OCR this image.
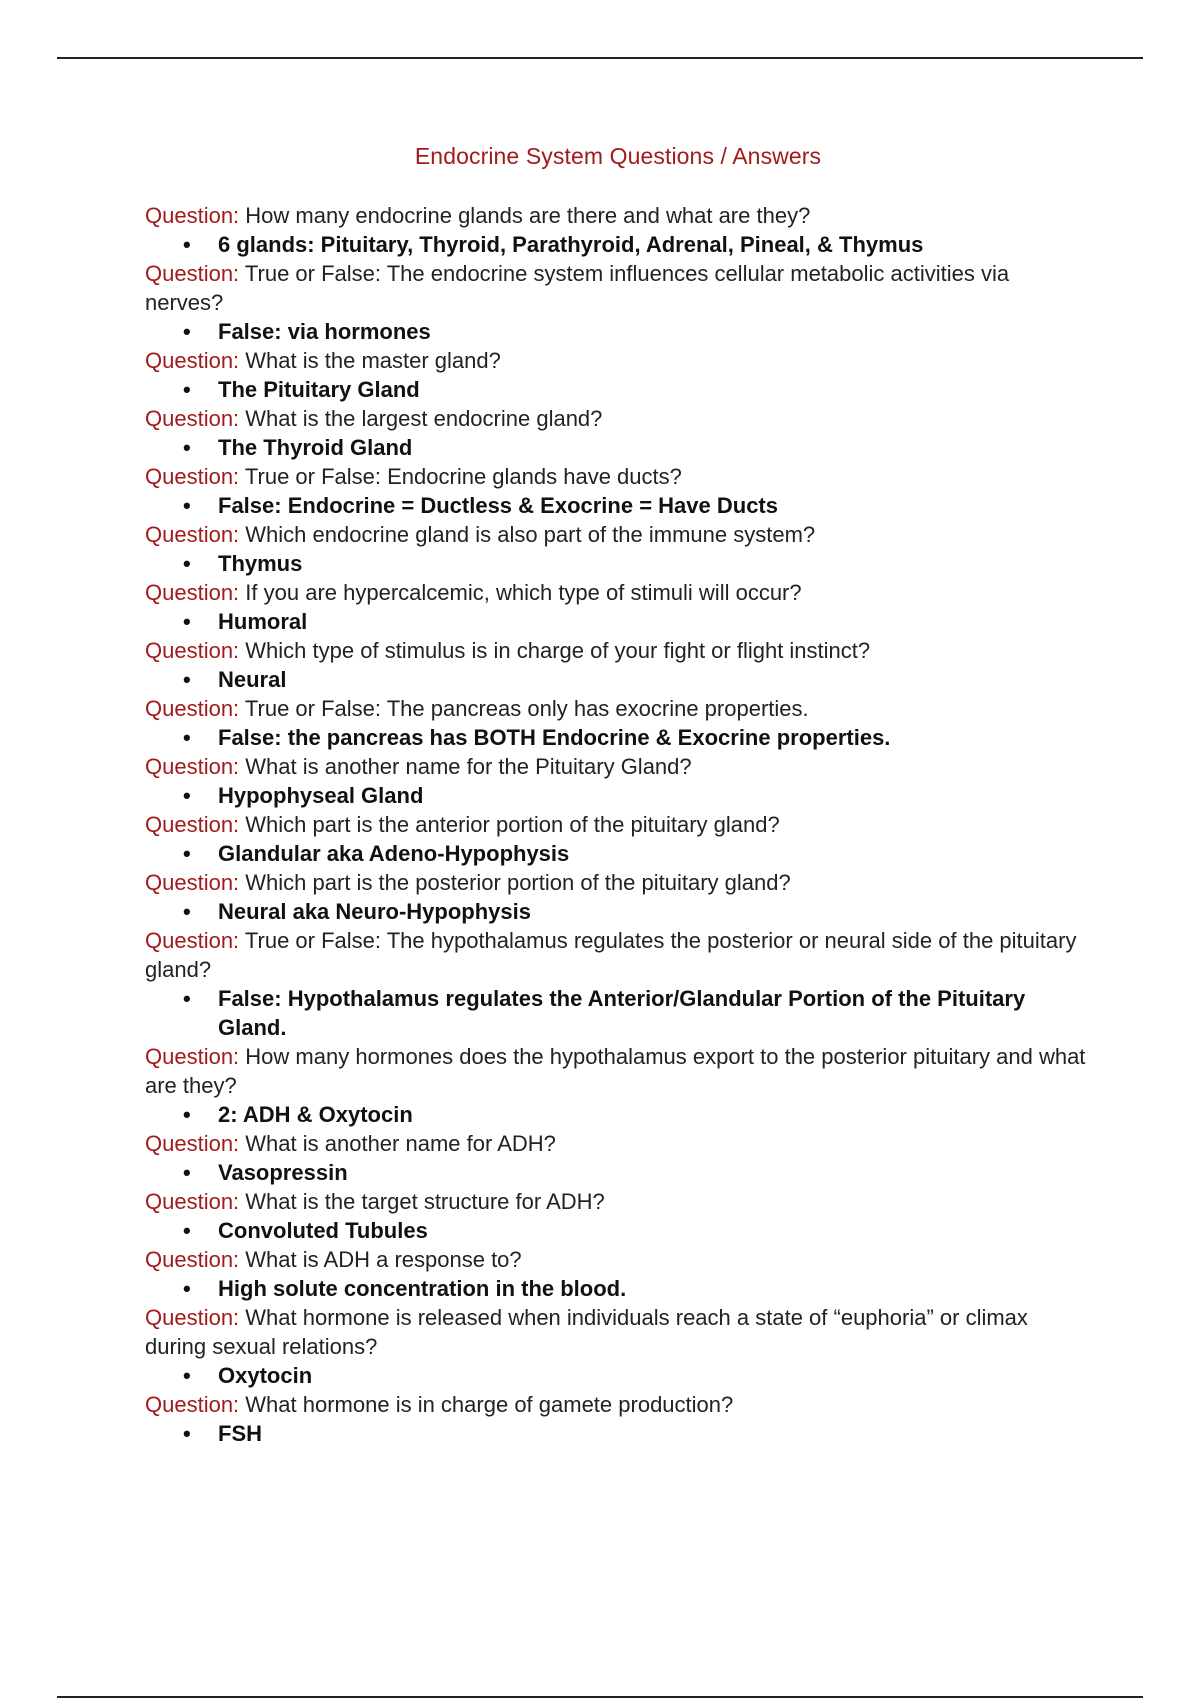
Endocrine System Questions / Answers

Question: How many endocrine glands are there and what are they?

• 6 glands: Pituitary, Thyroid, Parathyroid, Adrenal, Pineal, & Thymus

Question: True or False: The endocrine system influences cellular metabolic activities via nerves?

• False: via hormones

Question: What is the master gland?

• The Pituitary Gland

Question: What is the largest endocrine gland?

• The Thyroid Gland

Question: True or False: Endocrine glands have ducts?

• False: Endocrine = Ductless & Exocrine = Have Ducts

Question: Which endocrine gland is also part of the immune system?

• Thymus

Question: If you are hypercalcemic, which type of stimuli will occur?

• Humoral

Question: Which type of stimulus is in charge of your fight or flight instinct?

• Neural

Question: True or False: The pancreas only has exocrine properties.

• False: the pancreas has BOTH Endocrine & Exocrine properties.

Question: What is another name for the Pituitary Gland?

• Hypophyseal Gland

Question: Which part is the anterior portion of the pituitary gland?

• Glandular aka Adeno-Hypophysis

Question: Which part is the posterior portion of the pituitary gland?

• Neural aka Neuro-Hypophysis

Question: True or False: The hypothalamus regulates the posterior or neural side of the pituitary gland?

• False: Hypothalamus regulates the Anterior/Glandular Portion of the Pituitary Gland.

Question: How many hormones does the hypothalamus export to the posterior pituitary and what are they?

• 2: ADH & Oxytocin

Question: What is another name for ADH?

• Vasopressin

Question: What is the target structure for ADH?

• Convoluted Tubules

Question: What is ADH a response to?

• High solute concentration in the blood.

Question: What hormone is released when individuals reach a state of “euphoria” or climax during sexual relations?

• Oxytocin

Question: What hormone is in charge of gamete production?

• FSH
